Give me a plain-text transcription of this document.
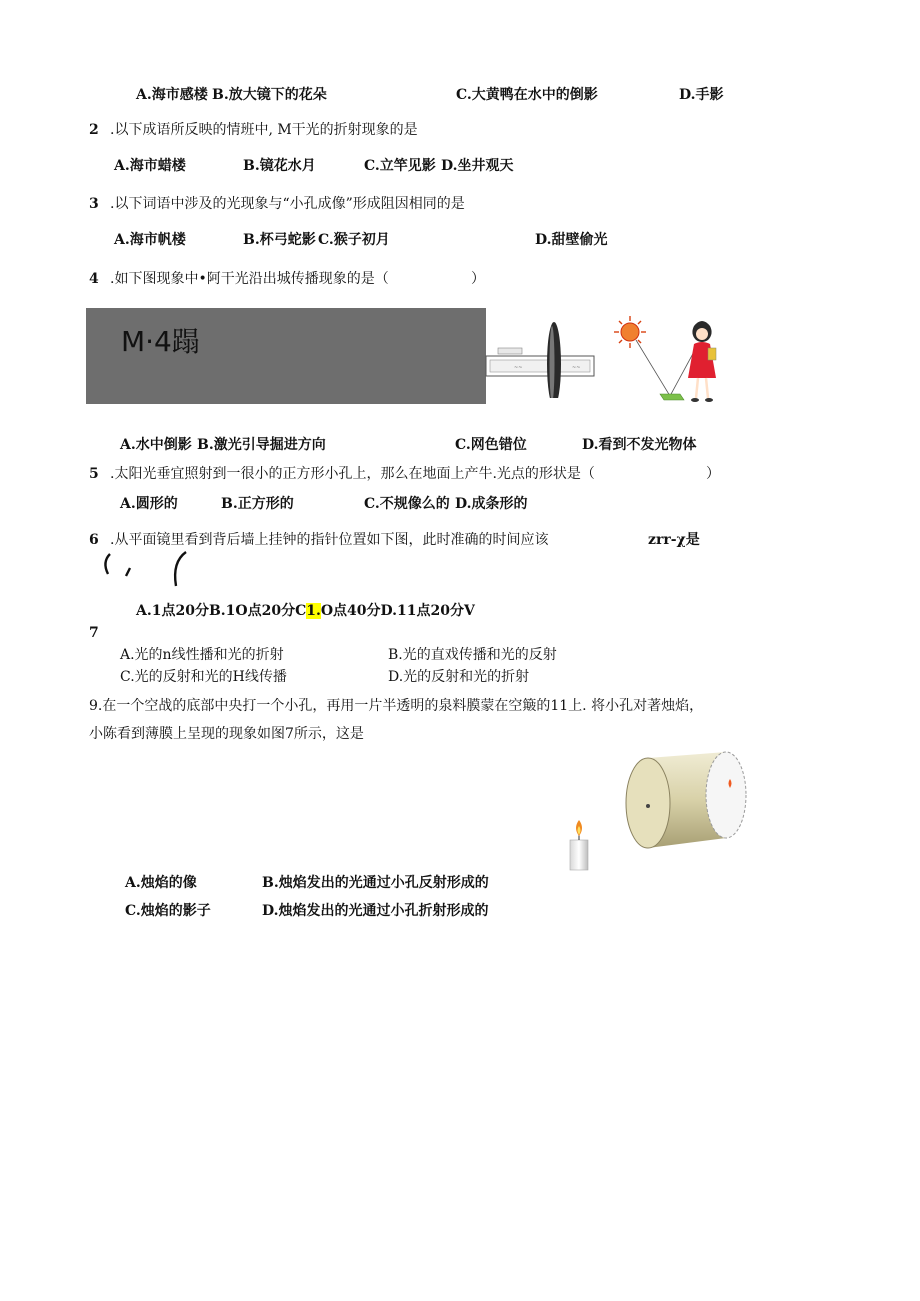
A.海市感楼 B.放大镜下的花朵	C.大黄鸭在水中的倒影	D.手影
2 .以下成语所反映的情班中, M干光的折射现象的是
A.海市蜡楼	B.镜花水月	C.立竿见影 D.坐井观天
3 .以下词语中涉及的光现象与“小孔成像”形成阻因相同的是
A.海市帆楼	B.杯弓蛇影 C.猴子初月	D.甜壁偷光
4 .如下图现象中•阿干光沿出城传播现象的是（	）
M·4蹋
~~	~~
A.水中倒影 B.激光引导掘进方向	C.网色错位	D.看到不发光物体
5 .太阳光垂宜照射到一很小的正方形小孔上，那么在地面上产牛.光点的形状是（	）
A.圆形的	B.正方形的	C.不规像么的 D.成条形的
6 .从平面镜里看到背后墙上挂钟的指针位置如下图，此时准确的时间应该	zrr-χ是
A.1点20分B.1O点20分C1.O点40分D.11点20分V
7
A.光的n线性播和光的折射	B.光的直戏传播和光的反射
C.光的反射和光的H线传播	D.光的反射和光的折射
9.在一个空战的底部中央打一个小孔，再用一片半透明的泉料膜蒙在空簸的11上. 将小孔对著烛焰，
小陈看到薄膜上呈现的现象如图7所示，这是
A.烛焰的像	B.烛焰发出的光通过小孔反射形成的
C.烛焰的影子	D.烛焰发出的光通过小孔折射形成的
